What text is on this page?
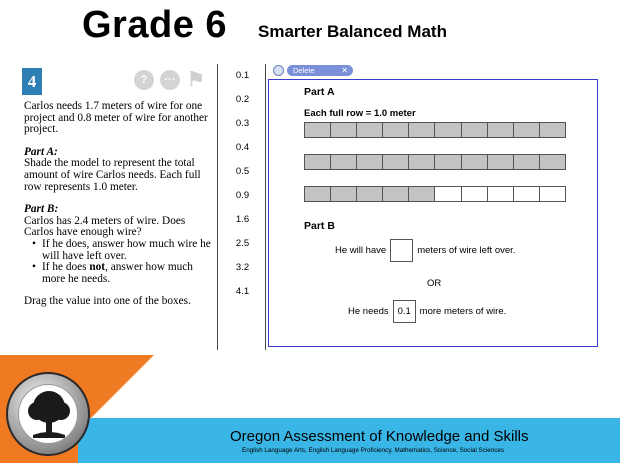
Grade 6 Smarter Balanced Math
4	?	··· ⚑

Carlos needs 1.7 meters of wire for one project and 0.8 meter of wire for another project.

Part A:

Shade the model to represent the total amount of wire Carlos needs. Each full row represents 1.0 meter.

Part B:

Carlos has 2.4 meters of wire. Does Carlos have enough wire?

• If he does, answer how much wire he will have left over.
• If he does not, answer how much more he needs.

Drag the value into one of the boxes.

0.1
0.2
0.3
0.4
0.5
0.9
1.6
2.5
3.2
4.1
Delete	✕
Part A
Each full row = 1.0 meter
Part B
He will have	meters of wire left over.
OR
He needs 0.1 more meters of wire.
Oregon Assessment of Knowledge and Skills
English Language Arts, English Language Proficiency, Mathematics, Science, Social Sciences
